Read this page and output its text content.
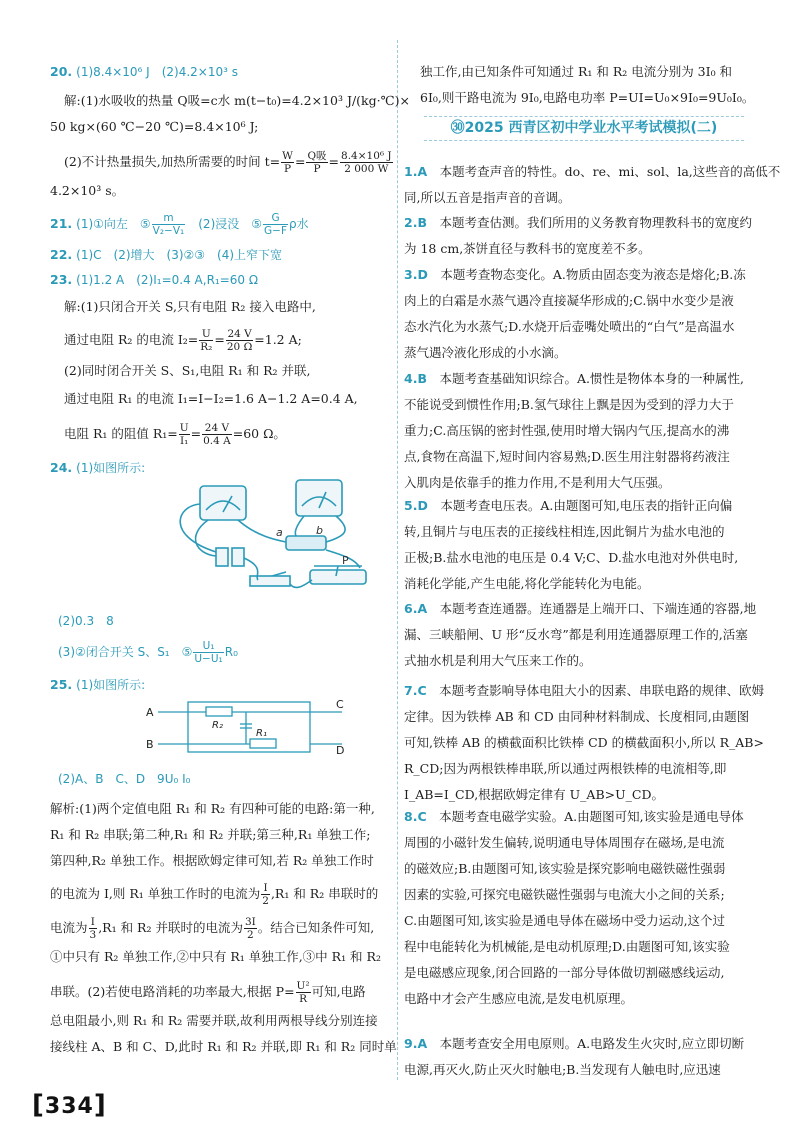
20. (1)8.4×10⁶ J　(2)4.2×10³ s
解:(1)水吸收的热量 Q吸=c水 m(t−t₀)=4.2×10³ J/(kg·℃)×
50 kg×(60 ℃−20 ℃)=8.4×10⁶ J;
(2)不计热量损失,加热所需要的时间 $t= \frac{W}{P} = \frac{\text{Q吸}}{P} = \frac{\text{8.4×10⁶ J}}{2 000 W}$
4.2×10³ s。
21. (1)①向左　⑤ $\frac{m}{\text{V₂−V₁}}$ 　(2)浸没　⑤ $\frac{G}{G-F}$ ρ水
22. (1)C　(2)增大　(3)②③　(4)上窄下宽
23. (1)1.2 A　(2)I₁=0.4 A,R₁=60 Ω
解:(1)只闭合开关 S,只有电阻 R₂ 接入电路中,
通过电阻 R₂ 的电流 $I_2= \frac{U}{\text{R₂}} = \frac{24 V}{20 \Omega} =1.2$ A;
(2)同时闭合开关 S、S₁,电阻 R₁ 和 R₂ 并联,
通过电阻 R₁ 的电流 I₁=I−I₂=1.6 A−1.2 A=0.4 A,
电阻 R₁ 的阻值 $R_1= \frac{U}{\text{I₁}} = \frac{24 V}{0.4 A} =60$ Ω。
24. (1)如图所示:
a	b
P
(2)0.3　8
(3)②闭合开关 S、S₁　⑤ $\frac{\text{U₁}}{\text{U−U₁}} R_0$
25. (1)如图所示:
A
B
C
D
R₂
R₁
(2)A、B　C、D　9U₀ I₀
解析:(1)两个定值电阻 R₁ 和 R₂ 有四种可能的电路:第一种,
R₁ 和 R₂ 串联;第二种,R₁ 和 R₂ 并联;第三种,R₁ 单独工作;
第四种,R₂ 单独工作。根据欧姆定律可知,若 R₂ 单独工作时
的电流为 I,则 R₁ 单独工作时的电流为 $\frac{I}{2} ,R_1$ 和 R₂ 串联时的
电流为 $\frac{I}{3} ,R_1$ 和 R₂ 并联时的电流为 $\frac{3I}{2}$ 。结合已知条件可知,
①中只有 R₂ 单独工作,②中只有 R₁ 单独工作,③中 R₁ 和 R₂
串联。(2)若使电路消耗的功率最大,根据 $P= \frac{\text{U²}}{R}$ 可知,电路
总电阻最小,则 R₁ 和 R₂ 需要并联,故利用两根导线分别连接
接线柱 A、B 和 C、D,此时 R₁ 和 R₂ 并联,即 R₁ 和 R₂ 同时单
独工作,由已知条件可知通过 R₁ 和 R₂ 电流分别为 3I₀ 和
6I₀,则干路电流为 9I₀,电路电功率 P=UI=U₀×9I₀=9U₀I₀。
㉚2025 西青区初中学业水平考试模拟(二)
1.A　本题考查声音的特性。do、re、mi、sol、la,这些音的高低不
同,所以五音是指声音的音调。
2.B　本题考查估测。我们所用的义务教育物理教科书的宽度约
为 18 cm,茶饼直径与教科书的宽度差不多。
3.D　本题考查物态变化。A.物质由固态变为液态是熔化;B.冻
肉上的白霜是水蒸气遇冷直接凝华形成的;C.锅中水变少是液
态水汽化为水蒸气;D.水烧开后壶嘴处喷出的“白气”是高温水
蒸气遇冷液化形成的小水滴。
4.B　本题考查基础知识综合。A.惯性是物体本身的一种属性,
不能说受到惯性作用;B.氢气球往上飘是因为受到的浮力大于
重力;C.高压锅的密封性强,使用时增大锅内气压,提高水的沸
点,食物在高温下,短时间内容易熟;D.医生用注射器将药液注
入肌肉是依靠手的推力作用,不是利用大气压强。
5.D　本题考查电压表。A.由题图可知,电压表的指针正向偏
转,且铜片与电压表的正接线柱相连,因此铜片为盐水电池的
正极;B.盐水电池的电压是 0.4 V;C、D.盐水电池对外供电时,
消耗化学能,产生电能,将化学能转化为电能。
6.A　本题考查连通器。连通器是上端开口、下端连通的容器,地
漏、三峡船闸、U 形“反水弯”都是利用连通器原理工作的,活塞
式抽水机是利用大气压来工作的。
7.C　本题考查影响导体电阻大小的因素、串联电路的规律、欧姆
定律。因为铁棒 AB 和 CD 由同种材料制成、长度相同,由题图
可知,铁棒 AB 的横截面积比铁棒 CD 的横截面积小,所以 R_AB>
R_CD;因为两根铁棒串联,所以通过两根铁棒的电流相等,即
I_AB=I_CD,根据欧姆定律有 U_AB>U_CD。
8.C　本题考查电磁学实验。A.由题图可知,该实验是通电导体
周围的小磁针发生偏转,说明通电导体周围存在磁场,是电流
的磁效应;B.由题图可知,该实验是探究影响电磁铁磁性强弱
因素的实验,可探究电磁铁磁性强弱与电流大小之间的关系;
C.由题图可知,该实验是通电导体在磁场中受力运动,这个过
程中电能转化为机械能,是电动机原理;D.由题图可知,该实验
是电磁感应现象,闭合回路的一部分导体做切割磁感线运动,
电路中才会产生感应电流,是发电机原理。
9.A　本题考查安全用电原则。A.电路发生火灾时,应立即切断
电源,再灭火,防止灭火时触电;B.当发现有人触电时,应迅速
[334]
